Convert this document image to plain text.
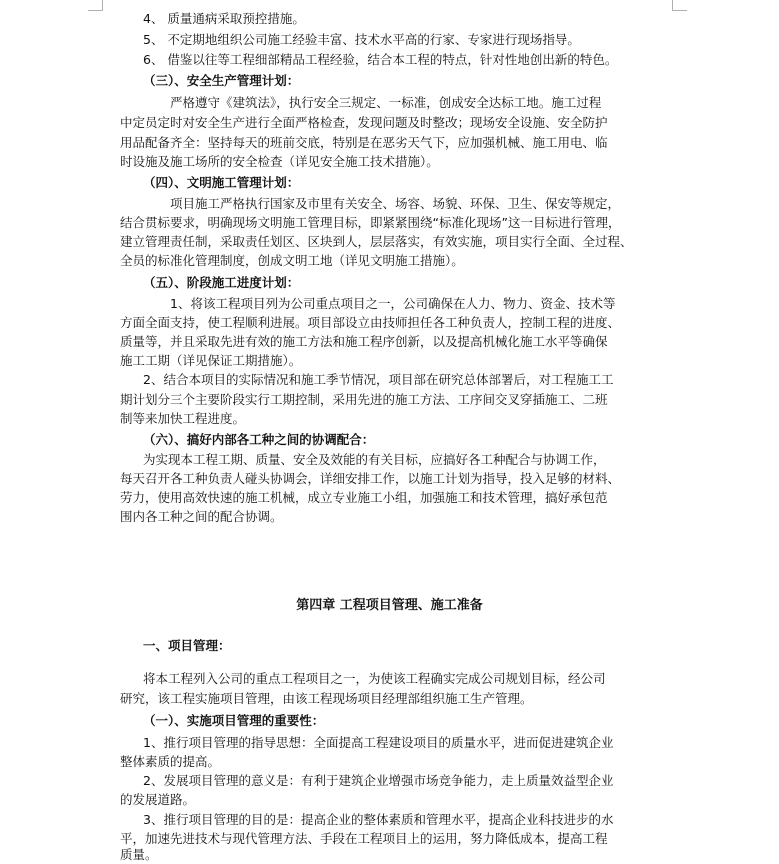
4、 质量通病采取预控措施。
5、 不定期地组织公司施工经验丰富、技术水平高的行家、专家进行现场指导。
6、 借鉴以往等工程细部精品工程经验，结合本工程的特点，针对性地创出新的特色。
（三）、安全生产管理计划：
严格遵守《建筑法》，执行安全三规定、一标准，创成安全达标工地。施工过程
中定员定时对安全生产进行全面严格检查，发现问题及时整改；现场安全设施、安全防护
用品配备齐全：坚持每天的班前交底，特别是在恶劣天气下，应加强机械、施工用电、临
时设施及施工场所的安全检查（详见安全施工技术措施）。
（四）、文明施工管理计划：
项目施工严格执行国家及市里有关安全、场容、场貌、环保、卫生、保安等规定，
结合贯标要求，明确现场文明施工管理目标，即紧紧围绕“标准化现场”这一目标进行管理，
建立管理责任制，采取责任划区、区块到人，层层落实，有效实施，项目实行全面、全过程、
全员的标准化管理制度，创成文明工地（详见文明施工措施）。
（五）、阶段施工进度计划：
1、将该工程项目列为公司重点项目之一，公司确保在人力、物力、资金、技术等
方面全面支持，使工程顺利进展。项目部设立由技师担任各工种负责人，控制工程的进度、
质量等，并且采取先进有效的施工方法和施工程序创新，以及提高机械化施工水平等确保
施工工期（详见保证工期措施）。
2、结合本项目的实际情况和施工季节情况，项目部在研究总体部署后，对工程施工工
期计划分三个主要阶段实行工期控制，采用先进的施工方法、工序间交叉穿插施工、二班
制等来加快工程进度。
（六）、搞好内部各工种之间的协调配合：
为实现本工程工期、质量、安全及效能的有关目标，应搞好各工种配合与协调工作，
每天召开各工种负责人碰头协调会，详细安排工作，以施工计划为指导，投入足够的材料、
劳力，使用高效快速的施工机械，成立专业施工小组，加强施工和技术管理，搞好承包范
围内各工种之间的配合协调。
第四章 工程项目管理、施工准备
一、项目管理：
将本工程列入公司的重点工程项目之一，为使该工程确实完成公司规划目标，经公司
研究，该工程实施项目管理，由该工程现场项目经理部组织施工生产管理。
（一）、实施项目管理的重要性：
1、推行项目管理的指导思想：全面提高工程建设项目的质量水平，进而促进建筑企业
整体素质的提高。
2、发展项目管理的意义是：有利于建筑企业增强市场竞争能力，走上质量效益型企业
的发展道路。
3、推行项目管理的目的是：提高企业的整体素质和管理水平，提高企业科技进步的水
平，加速先进技术与现代管理方法、手段在工程项目上的运用，努力降低成本，提高工程
质量。
